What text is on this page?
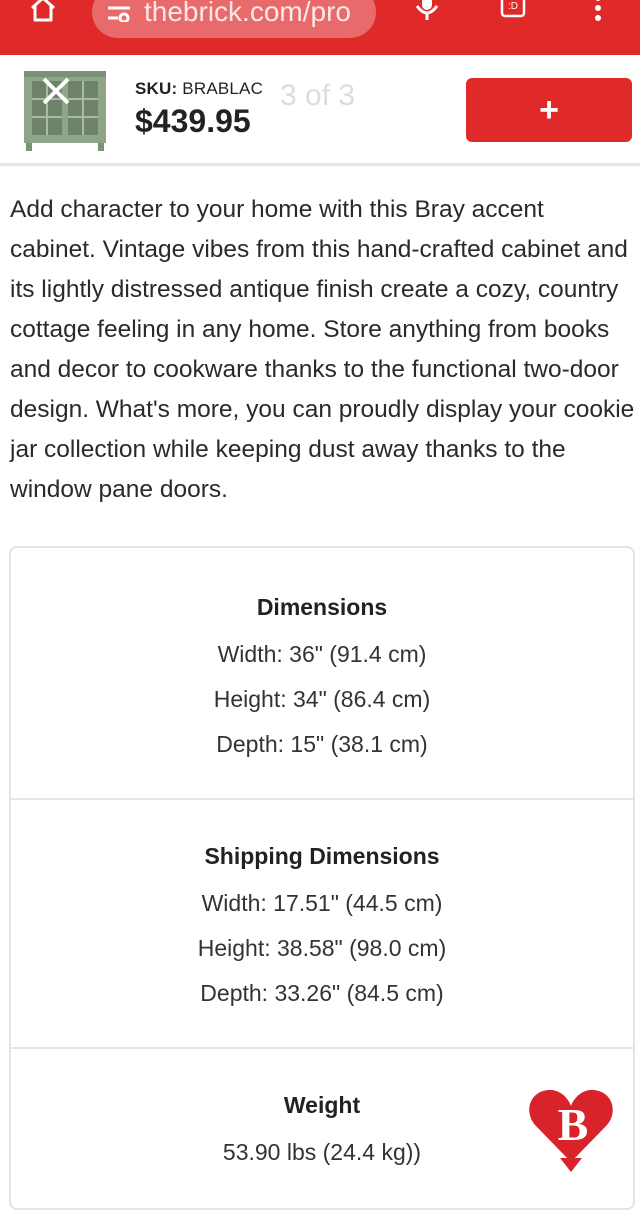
thebrick.com/pro	:D
SKU: BRABLAC 3 of 3
$439.95	+
Add character to your home with this Bray accent cabinet. Vintage vibes from this hand-crafted cabinet and its lightly distressed antique finish create a cozy, country cottage feeling in any home. Store anything from books and decor to cookware thanks to the functional two-door design. What's more, you can proudly display your cookie jar collection while keeping dust away thanks to the window pane doors.
Dimensions
Width: 36" (91.4 cm)
Height: 34" (86.4 cm)
Depth: 15" (38.1 cm)
Shipping Dimensions
Width: 17.51" (44.5 cm)
Height: 38.58" (98.0 cm)
Depth: 33.26" (84.5 cm)
Weight
53.90 lbs (24.4 kg))
B
